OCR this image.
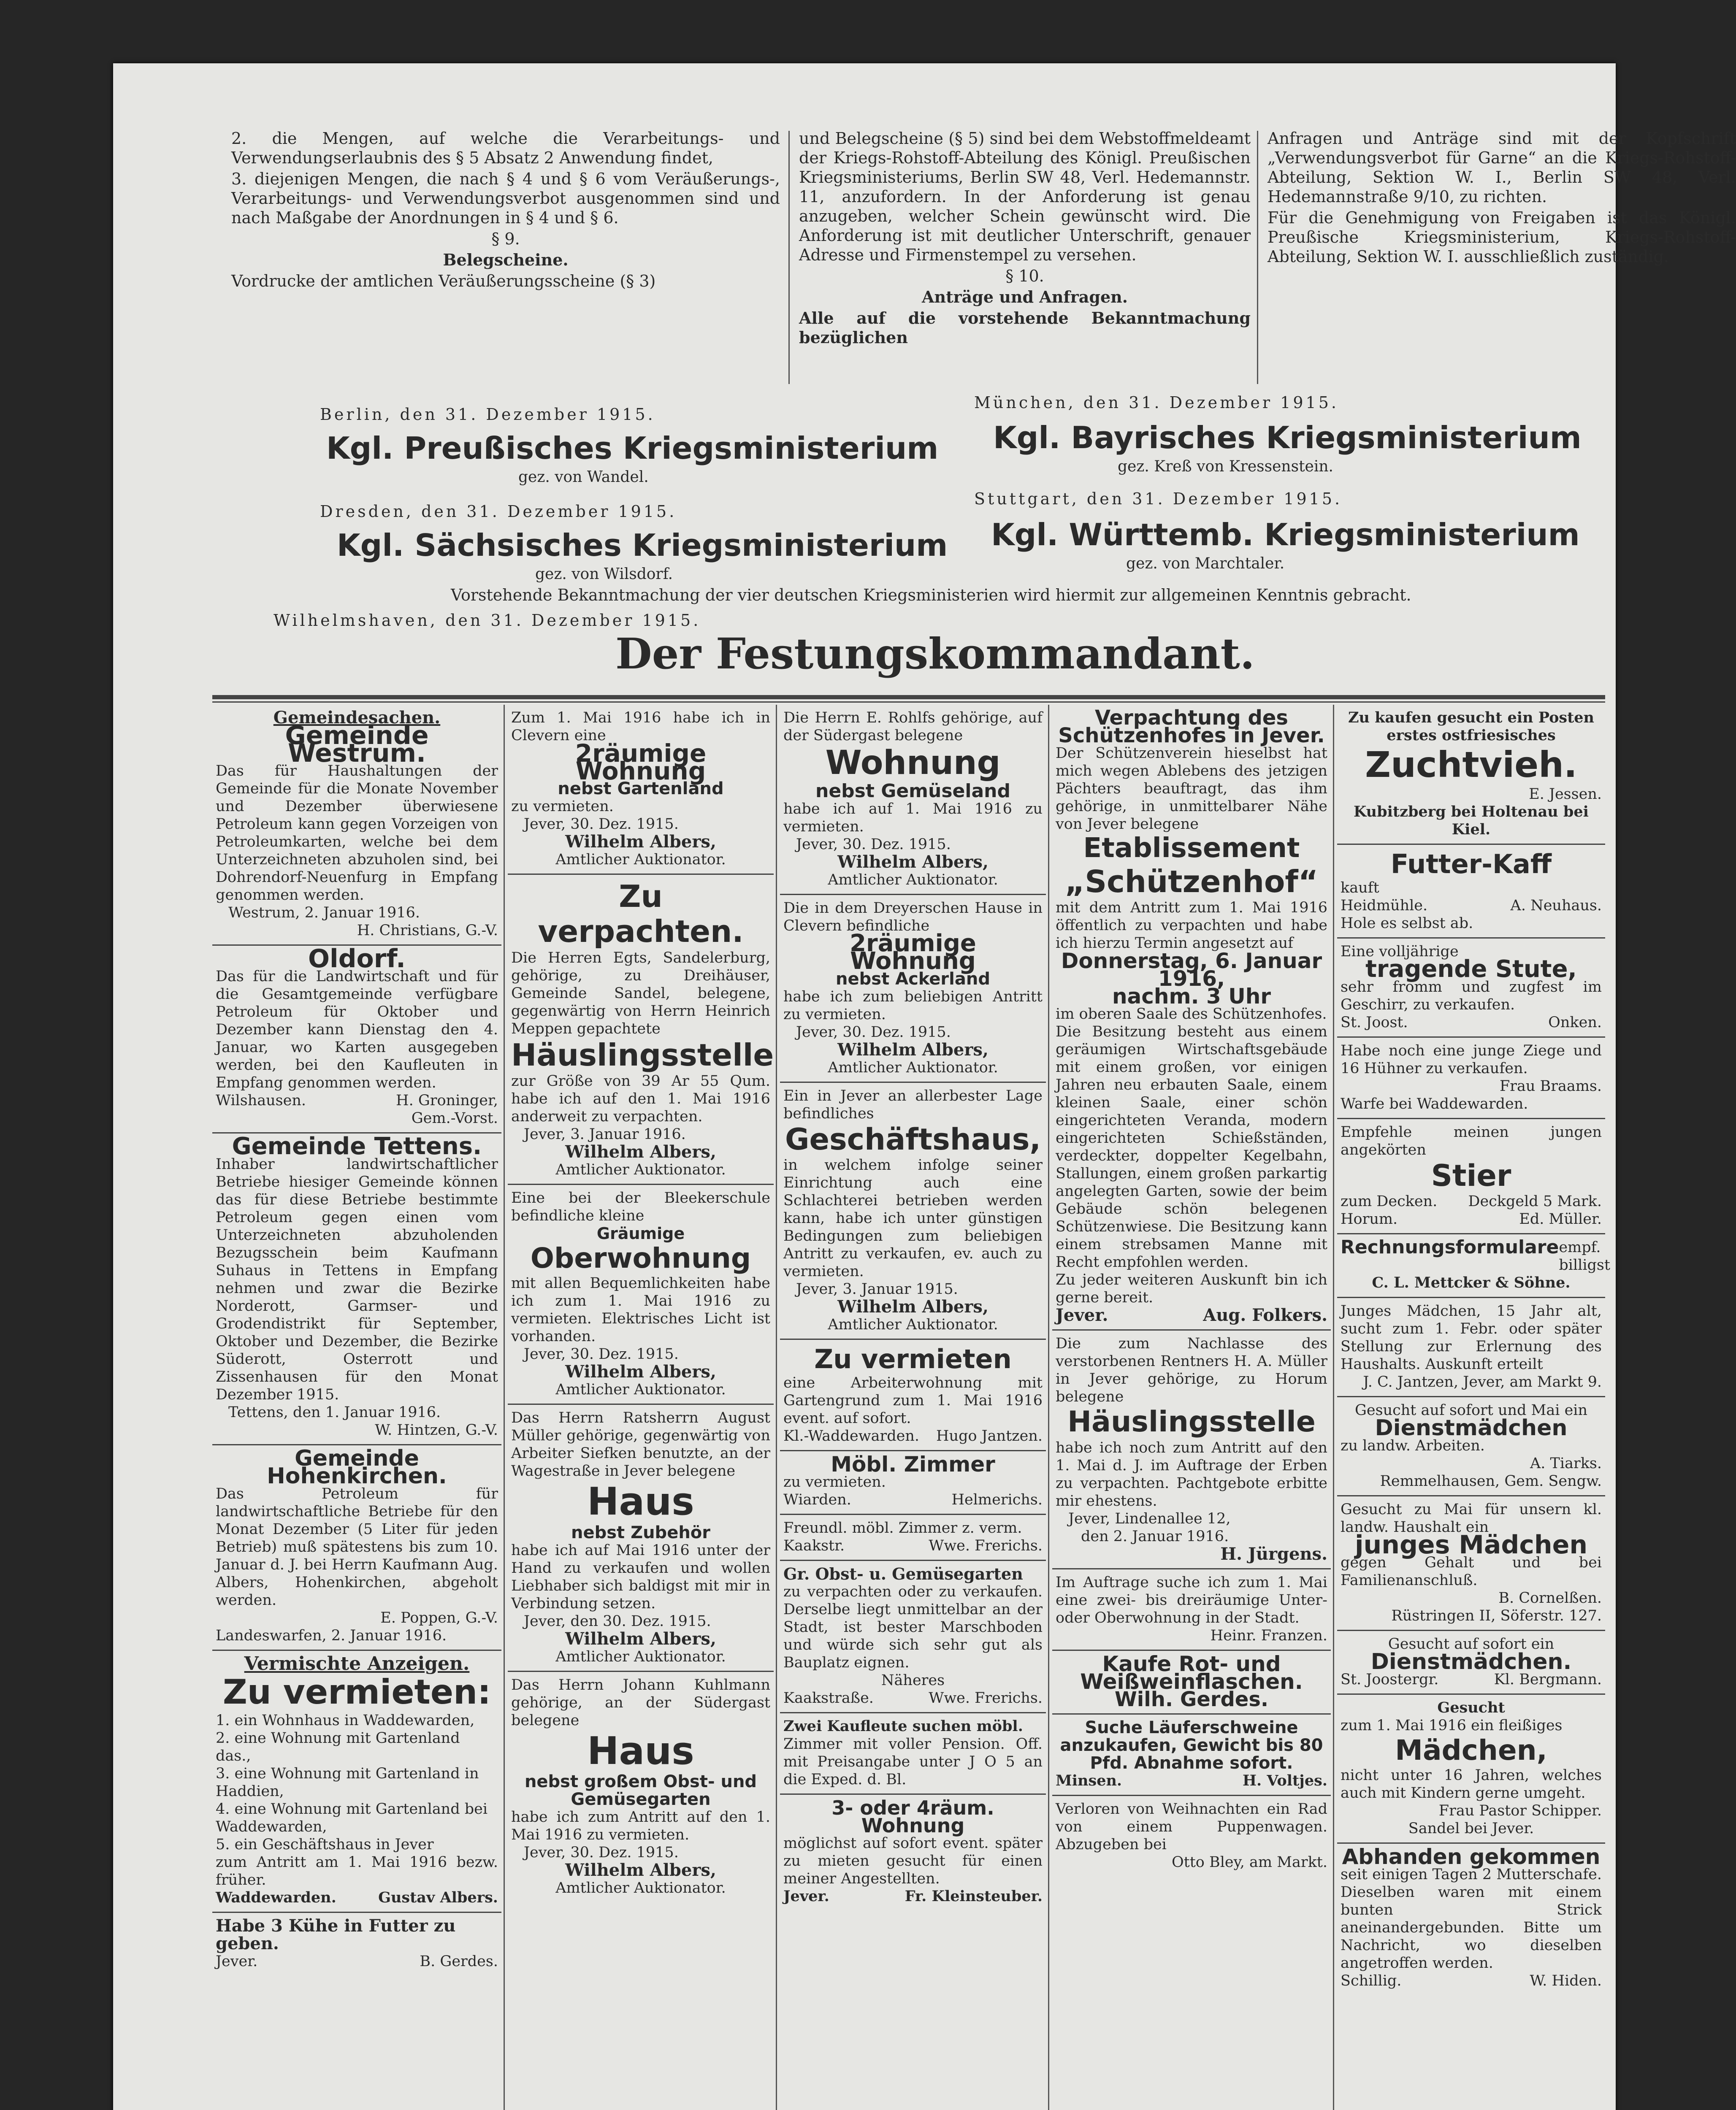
2. die Mengen, auf welche die Verarbeitungs- und Verwendungserlaubnis des § 5 Absatz 2 Anwendung findet,

3. diejenigen Mengen, die nach § 4 und § 6 vom Veräußerungs-, Verarbeitungs- und Verwendungsverbot ausgenommen sind und nach Maßgabe der Anordnungen in § 4 und § 6.

§ 9.

Belegscheine.

Vordrucke der amtlichen Veräußerungsscheine (§ 3)

und Belegscheine (§ 5) sind bei dem Webstoffmeldeamt der Kriegs-Rohstoff-Abteilung des Königl. Preußischen Kriegsministeriums, Berlin SW 48, Verl. Hedemannstr. 11, anzufordern. In der Anforderung ist genau anzugeben, welcher Schein gewünscht wird. Die Anforderung ist mit deutlicher Unterschrift, genauer Adresse und Firmenstempel zu versehen.

§ 10.

Anträge und Anfragen.

Alle auf die vorstehende Bekanntmachung bezüglichen

Anfragen und Anträge sind mit der Kopfschrift „Verwendungsverbot für Garne“ an die Kriegs-Rohstoff-Abteilung, Sektion W. I., Berlin SW 48, Verl. Hedemannstraße 9/10, zu richten.

Für die Genehmigung von Freigaben ist das Königl. Preußische Kriegsministerium, Kriegs-Rohstoff-Abteilung, Sektion W. I. ausschließlich zuständig.

Berlin, den 31. Dezember 1915.
Kgl. Preußisches Kriegsministerium
gez. von Wandel.
München, den 31. Dezember 1915.
Kgl. Bayrisches Kriegsministerium
gez. Kreß von Kressenstein.
Dresden, den 31. Dezember 1915.
Kgl. Sächsisches Kriegsministerium
gez. von Wilsdorf.
Stuttgart, den 31. Dezember 1915.
Kgl. Württemb. Kriegsministerium
gez. von Marchtaler.
Vorstehende Bekanntmachung der vier deutschen Kriegsministerien wird hiermit zur allgemeinen Kenntnis gebracht.
Wilhelmshaven, den 31. Dezember 1915.
Der Festungskommandant.
Gemeindesachen.
Gemeinde Westrum.

Das für Haushaltungen der Gemeinde für die Monate November und Dezember überwiesene Petroleum kann gegen Vorzeigen von Petroleumkarten, welche bei dem Unterzeichneten abzuholen sind, bei Dohrendorf-Neuenfurg in Empfang genommen werden.

Westrum, 2. Januar 1916.
H. Christians, G.-V.
Oldorf.

Das für die Landwirtschaft und für die Gesamtgemeinde verfügbare Petroleum für Oktober und Dezember kann Dienstag den 4. Januar, wo Karten ausgegeben werden, bei den Kaufleuten in Empfang genommen werden.

Wilshausen.	H. Groninger,
Gem.-Vorst.
Gemeinde Tettens.

Inhaber landwirtschaftlicher Betriebe hiesiger Gemeinde können das für diese Betriebe bestimmte Petroleum gegen einen vom Unterzeichneten abzuholenden Bezugsschein beim Kaufmann Suhaus in Tettens in Empfang nehmen und zwar die Bezirke Norderott, Garmser- und Grodendistrikt für September, Oktober und Dezember, die Bezirke Süderott, Osterrott und Zissenhausen für den Monat Dezember 1915.

Tettens, den 1. Januar 1916.
W. Hintzen, G.-V.
Gemeinde Hohenkirchen.

Das Petroleum für landwirtschaftliche Betriebe für den Monat Dezember (5 Liter für jeden Betrieb) muß spätestens bis zum 10. Januar d. J. bei Herrn Kaufmann Aug. Albers, Hohenkirchen, abgeholt werden.

E. Poppen, G.-V.
Landeswarfen, 2. Januar 1916.
Vermischte Anzeigen.
Zu vermieten:
1. ein Wohnhaus in Waddewarden,
2. eine Wohnung mit Gartenland das.,
3. eine Wohnung mit Gartenland in Haddien,
4. eine Wohnung mit Gartenland bei Waddewarden,
5. ein Geschäftshaus in Jever

zum Antritt am 1. Mai 1916 bezw. früher.

Waddewarden.	Gustav Albers.
Habe 3 Kühe in Futter zu geben.
Jever.	B. Gerdes.

Zum 1. Mai 1916 habe ich in Clevern eine

2räumige Wohnung
nebst Gartenland

zu vermieten.

Jever, 30. Dez. 1915.
Wilhelm Albers,
Amtlicher Auktionator.
Zu verpachten.

Die Herren Egts, Sandelerburg, gehörige, zu Dreihäuser, Gemeinde Sandel, belegene, gegenwärtig von Herrn Heinrich Meppen gepachtete

Häuslingsstelle

zur Größe von 39 Ar 55 Qum. habe ich auf den 1. Mai 1916 anderweit zu verpachten.

Jever, 3. Januar 1916.
Wilhelm Albers,
Amtlicher Auktionator.

Eine bei der Bleekerschule befindliche kleine

Gräumige
Oberwohnung

mit allen Bequemlichkeiten habe ich zum 1. Mai 1916 zu vermieten. Elektrisches Licht ist vorhanden.

Jever, 30. Dez. 1915.
Wilhelm Albers,
Amtlicher Auktionator.

Das Herrn Ratsherrn August Müller gehörige, gegenwärtig von Arbeiter Siefken benutzte, an der Wagestraße in Jever belegene

Haus
nebst Zubehör

habe ich auf Mai 1916 unter der Hand zu verkaufen und wollen Liebhaber sich baldigst mit mir in Verbindung setzen.

Jever, den 30. Dez. 1915.
Wilhelm Albers,
Amtlicher Auktionator.

Das Herrn Johann Kuhlmann gehörige, an der Südergast belegene

Haus
nebst großem Obst- und Gemüsegarten

habe ich zum Antritt auf den 1. Mai 1916 zu vermieten.

Jever, 30. Dez. 1915.
Wilhelm Albers,
Amtlicher Auktionator.

Die Herrn E. Rohlfs gehörige, auf der Südergast belegene

Wohnung
nebst Gemüseland

habe ich auf 1. Mai 1916 zu vermieten.

Jever, 30. Dez. 1915.
Wilhelm Albers,
Amtlicher Auktionator.

Die in dem Dreyerschen Hause in Clevern befindliche

2räumige Wohnung
nebst Ackerland

habe ich zum beliebigen Antritt zu vermieten.

Jever, 30. Dez. 1915.
Wilhelm Albers,
Amtlicher Auktionator.

Ein in Jever an allerbester Lage befindliches

Geschäftshaus,

in welchem infolge seiner Einrichtung auch eine Schlachterei betrieben werden kann, habe ich unter günstigen Bedingungen zum beliebigen Antritt zu verkaufen, ev. auch zu vermieten.

Jever, 3. Januar 1915.
Wilhelm Albers,
Amtlicher Auktionator.
Zu vermieten

eine Arbeiterwohnung mit Gartengrund zum 1. Mai 1916 event. auf sofort.

Kl.-Waddewarden. Hugo Jantzen.
Möbl. Zimmer

zu vermieten.

Wiarden.	Helmerichs.

Freundl. möbl. Zimmer z. verm.

Kaakstr.	Wwe. Frerichs.
Gr. Obst- u. Gemüsegarten

zu verpachten oder zu verkaufen. Derselbe liegt unmittelbar an der Stadt, ist bester Marschboden und würde sich sehr gut als Bauplatz eignen.

Näheres
Kaakstraße.	Wwe. Frerichs.
Zwei Kaufleute suchen möbl.

Zimmer mit voller Pension. Off. mit Preisangabe unter J O 5 an die Exped. d. Bl.

3- oder 4räum. Wohnung

möglichst auf sofort event. später zu mieten gesucht für einen meiner Angestellten.

Jever.	Fr. Kleinsteuber.
Verpachtung des Schützenhofes in Jever.

Der Schützenverein hieselbst hat mich wegen Ablebens des jetzigen Pächters beauftragt, das ihm gehörige, in unmittelbarer Nähe von Jever belegene

Etablissement
„Schützenhof“

mit dem Antritt zum 1. Mai 1916 öffentlich zu verpachten und habe ich hierzu Termin angesetzt auf

Donnerstag, 6. Januar 1916,
nachm. 3 Uhr

im oberen Saale des Schützenhofes.

Die Besitzung besteht aus einem geräumigen Wirtschaftsgebäude mit einem großen, vor einigen Jahren neu erbauten Saale, einem kleinen Saale, einer schön eingerichteten Veranda, modern eingerichteten Schießständen, verdeckter, doppelter Kegelbahn, Stallungen, einem großen parkartig angelegten Garten, sowie der beim Gebäude schön belegenen Schützenwiese. Die Besitzung kann einem strebsamen Manne mit Recht empfohlen werden.

Zu jeder weiteren Auskunft bin ich gerne bereit.

Jever.	Aug. Folkers.

Die zum Nachlasse des verstorbenen Rentners H. A. Müller in Jever gehörige, zu Horum belegene

Häuslingsstelle

habe ich noch zum Antritt auf den 1. Mai d. J. im Auftrage der Erben zu verpachten. Pachtgebote erbitte mir ehestens.

Jever, Lindenallee 12,
den 2. Januar 1916.
H. Jürgens.

Im Auftrage suche ich zum 1. Mai eine zwei- bis dreiräumige Unter- oder Oberwohnung in der Stadt.

Heinr. Franzen.
Kaufe Rot- und Weißweinflaschen.
Wilh. Gerdes.
Suche Läuferschweine anzukaufen, Gewicht bis 80 Pfd. Abnahme sofort.
Minsen.	H. Voltjes.

Verloren von Weihnachten ein Rad von einem Puppenwagen. Abzugeben bei

Otto Bley, am Markt.
Zu kaufen gesucht ein Posten erstes ostfriesisches
Zuchtvieh.
E. Jessen.
Kubitzberg bei Holtenau bei Kiel.
Futter-Kaff
kauft
Heidmühle.	A. Neuhaus.
Hole es selbst ab.
Eine volljährige
tragende Stute,

sehr fromm und zugfest im Geschirr, zu verkaufen.

St. Joost.	Onken.

Habe noch eine junge Ziege und 16 Hühner zu verkaufen.

Frau Braams.
Warfe bei Waddewarden.

Empfehle meinen jungen angekörten

Stier
zum Decken. Deckgeld 5 Mark.
Horum.	Ed. Müller.
Rechnungsformulare empf. billigst
C. L. Mettcker & Söhne.

Junges Mädchen, 15 Jahr alt, sucht zum 1. Febr. oder später Stellung zur Erlernung des Haushalts. Auskunft erteilt

J. C. Jantzen, Jever, am Markt 9.
Gesucht auf sofort und Mai ein
Dienstmädchen
zu landw. Arbeiten.
A. Tiarks.
Remmelhausen, Gem. Sengw.

Gesucht zu Mai für unsern kl. landw. Haushalt ein

junges Mädchen

gegen Gehalt und bei Familienanschluß.

B. Cornelßen.
Rüstringen II, Söferstr. 127.
Gesucht auf sofort ein
Dienstmädchen.
St. Joostergr.	Kl. Bergmann.
Gesucht
zum 1. Mai 1916 ein fleißiges
Mädchen,

nicht unter 16 Jahren, welches auch mit Kindern gerne umgeht.

Frau Pastor Schipper.
Sandel bei Jever.
Abhanden gekommen

seit einigen Tagen 2 Mutterschafe. Dieselben waren mit einem bunten Strick aneinandergebunden. Bitte um Nachricht, wo dieselben angetroffen werden.

Schillig.	W. Hiden.
